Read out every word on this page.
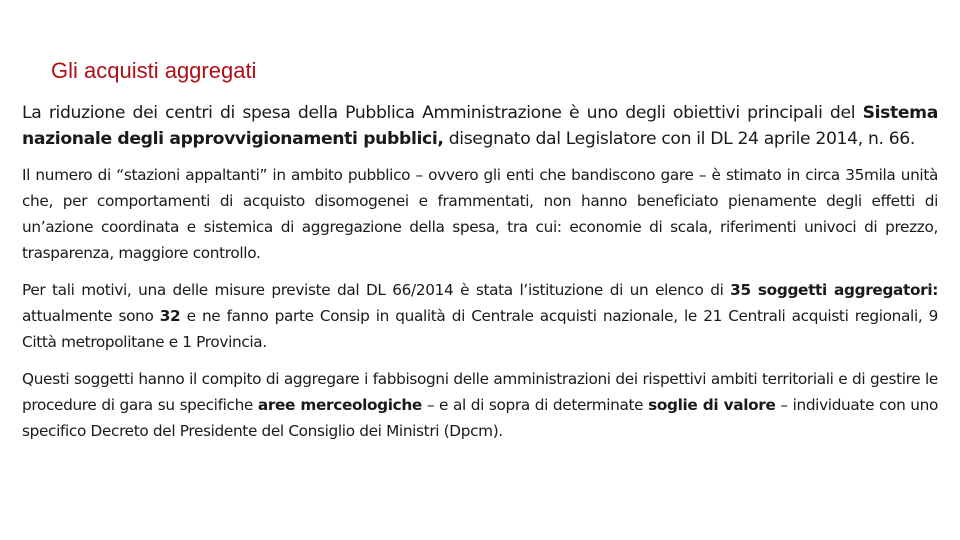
Gli acquisti aggregati

La riduzione dei centri di spesa della Pubblica Amministrazione è uno degli obiettivi principali del Sistema nazionale degli approvvigionamenti pubblici, disegnato dal Legislatore con il DL 24 aprile 2014, n. 66.

Il numero di “stazioni appaltanti” in ambito pubblico – ovvero gli enti che bandiscono gare – è stimato in circa 35mila unità che, per comportamenti di acquisto disomogenei e frammentati, non hanno beneficiato pienamente degli effetti di un’azione coordinata e sistemica di aggregazione della spesa, tra cui: economie di scala, riferimenti univoci di prezzo, trasparenza, maggiore controllo.

Per tali motivi, una delle misure previste dal DL 66/2014 è stata l’istituzione di un elenco di 35 soggetti aggregatori: attualmente sono 32 e ne fanno parte Consip in qualità di Centrale acquisti nazionale, le 21 Centrali acquisti regionali, 9 Città metropolitane e 1 Provincia.

Questi soggetti hanno il compito di aggregare i fabbisogni delle amministrazioni dei rispettivi ambiti territoriali e di gestire le procedure di gara su specifiche aree merceologiche – e al di sopra di determinate soglie di valore – individuate con uno specifico Decreto del Presidente del Consiglio dei Ministri (Dpcm).
